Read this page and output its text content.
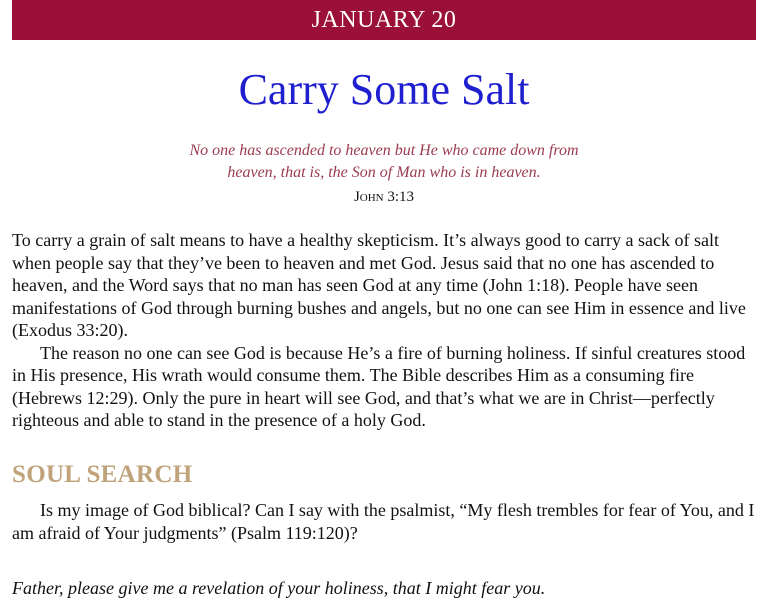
JANUARY 20
Carry Some Salt
No one has ascended to heaven but He who came down from
heaven, that is, the Son of Man who is in heaven.
John 3:13

To carry a grain of salt means to have a healthy skepticism. It’s always good to carry a sack of salt when people say that they’ve been to heaven and met God. Jesus said that no one has ascended to heaven, and the Word says that no man has seen God at any time (John 1:18). People have seen manifestations of God through burning bushes and angels, but no one can see Him in essence and live (Exodus 33:20).

The reason no one can see God is because He’s a fire of burning holiness. If sinful creatures stood in His presence, His wrath would consume them. The Bible describes Him as a consuming fire (Hebrews 12:29). Only the pure in heart will see God, and that’s what we are in Christ—perfectly righteous and able to stand in the presence of a holy God.

SOUL SEARCH

Is my image of God biblical? Can I say with the psalmist, “My flesh trembles for fear of You, and I am afraid of Your judgments” (Psalm 119:120)?

Father, please give me a revelation of your holiness, that I might fear you.
